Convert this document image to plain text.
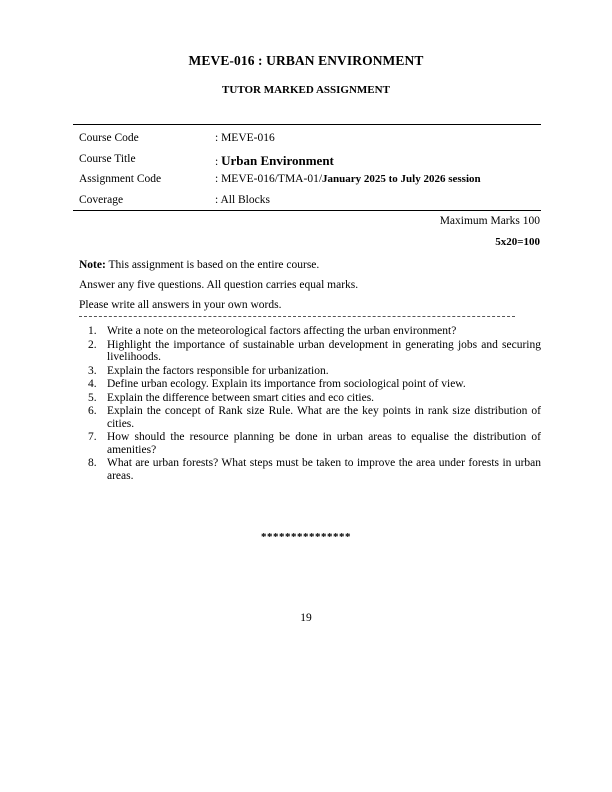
MEVE-016 : URBAN ENVIRONMENT
TUTOR MARKED ASSIGNMENT
Course Code	: MEVE-016
Course Title	: Urban Environment
Assignment Code	: MEVE-016/TMA-01/January 2025 to July 2026 session
Coverage	: All Blocks
Maximum Marks 100
5x20=100

Note: This assignment is based on the entire course.

Answer any five questions. All question carries equal marks.

Please write all answers in your own words.

1. Write a note on the meteorological factors affecting the urban environment?
2. Highlight the importance of sustainable urban development in generating jobs and securing livelihoods.
3. Explain the factors responsible for urbanization.
4. Define urban ecology. Explain its importance from sociological point of view.
5. Explain the difference between smart cities and eco cities.
6. Explain the concept of Rank size Rule. What are the key points in rank size distribution of cities.
7. How should the resource planning be done in urban areas to equalise the distribution of amenities?
8. What are urban forests? What steps must be taken to improve the area under forests in urban areas.
***************
19
